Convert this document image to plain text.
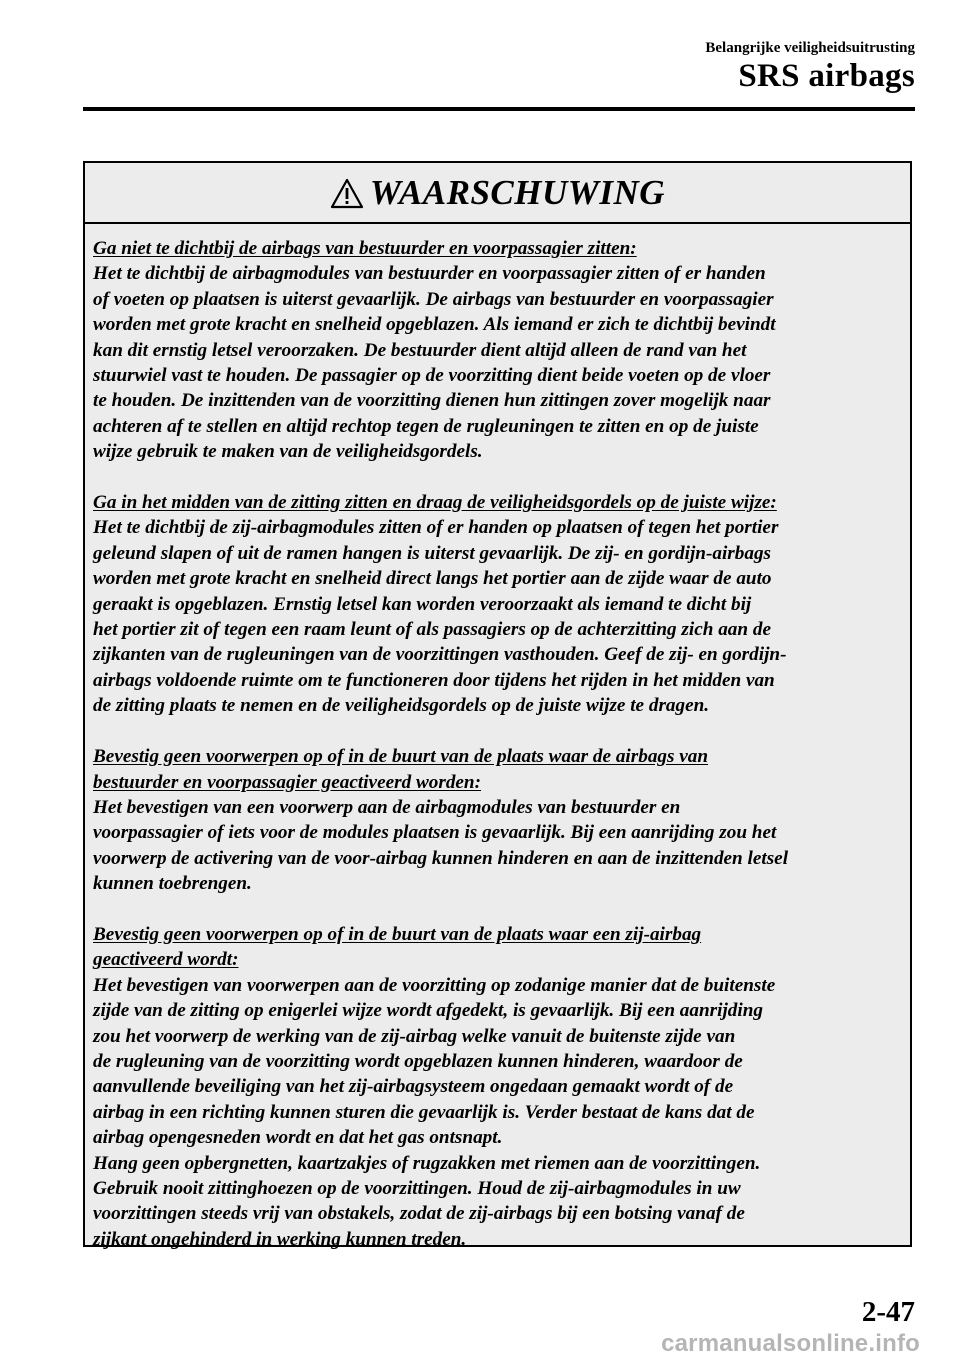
Belangrijke veiligheidsuitrusting
SRS airbags
WAARSCHUWING
Ga niet te dichtbij de airbags van bestuurder en voorpassagier zitten:
Het te dichtbij de airbagmodules van bestuurder en voorpassagier zitten of er handen
of voeten op plaatsen is uiterst gevaarlijk. De airbags van bestuurder en voorpassagier
worden met grote kracht en snelheid opgeblazen. Als iemand er zich te dichtbij bevindt
kan dit ernstig letsel veroorzaken. De bestuurder dient altijd alleen de rand van het
stuurwiel vast te houden. De passagier op de voorzitting dient beide voeten op de vloer
te houden. De inzittenden van de voorzitting dienen hun zittingen zover mogelijk naar
achteren af te stellen en altijd rechtop tegen de rugleuningen te zitten en op de juiste
wijze gebruik te maken van de veiligheidsgordels.
Ga in het midden van de zitting zitten en draag de veiligheidsgordels op de juiste wijze:
Het te dichtbij de zij-airbagmodules zitten of er handen op plaatsen of tegen het portier
geleund slapen of uit de ramen hangen is uiterst gevaarlijk. De zij- en gordijn-airbags
worden met grote kracht en snelheid direct langs het portier aan de zijde waar de auto
geraakt is opgeblazen. Ernstig letsel kan worden veroorzaakt als iemand te dicht bij
het portier zit of tegen een raam leunt of als passagiers op de achterzitting zich aan de
zijkanten van de rugleuningen van de voorzittingen vasthouden. Geef de zij- en gordijn-
airbags voldoende ruimte om te functioneren door tijdens het rijden in het midden van
de zitting plaats te nemen en de veiligheidsgordels op de juiste wijze te dragen.
Bevestig geen voorwerpen op of in de buurt van de plaats waar de airbags van
bestuurder en voorpassagier geactiveerd worden:
Het bevestigen van een voorwerp aan de airbagmodules van bestuurder en
voorpassagier of iets voor de modules plaatsen is gevaarlijk. Bij een aanrijding zou het
voorwerp de activering van de voor-airbag kunnen hinderen en aan de inzittenden letsel
kunnen toebrengen.
Bevestig geen voorwerpen op of in de buurt van de plaats waar een zij-airbag
geactiveerd wordt:
Het bevestigen van voorwerpen aan de voorzitting op zodanige manier dat de buitenste
zijde van de zitting op enigerlei wijze wordt afgedekt, is gevaarlijk. Bij een aanrijding
zou het voorwerp de werking van de zij-airbag welke vanuit de buitenste zijde van
de rugleuning van de voorzitting wordt opgeblazen kunnen hinderen, waardoor de
aanvullende beveiliging van het zij-airbagsysteem ongedaan gemaakt wordt of de
airbag in een richting kunnen sturen die gevaarlijk is. Verder bestaat de kans dat de
airbag opengesneden wordt en dat het gas ontsnapt.
Hang geen opbergnetten, kaartzakjes of rugzakken met riemen aan de voorzittingen.
Gebruik nooit zittinghoezen op de voorzittingen. Houd de zij-airbagmodules in uw
voorzittingen steeds vrij van obstakels, zodat de zij-airbags bij een botsing vanaf de
zijkant ongehinderd in werking kunnen treden.
2-47
carmanualsonline.info
